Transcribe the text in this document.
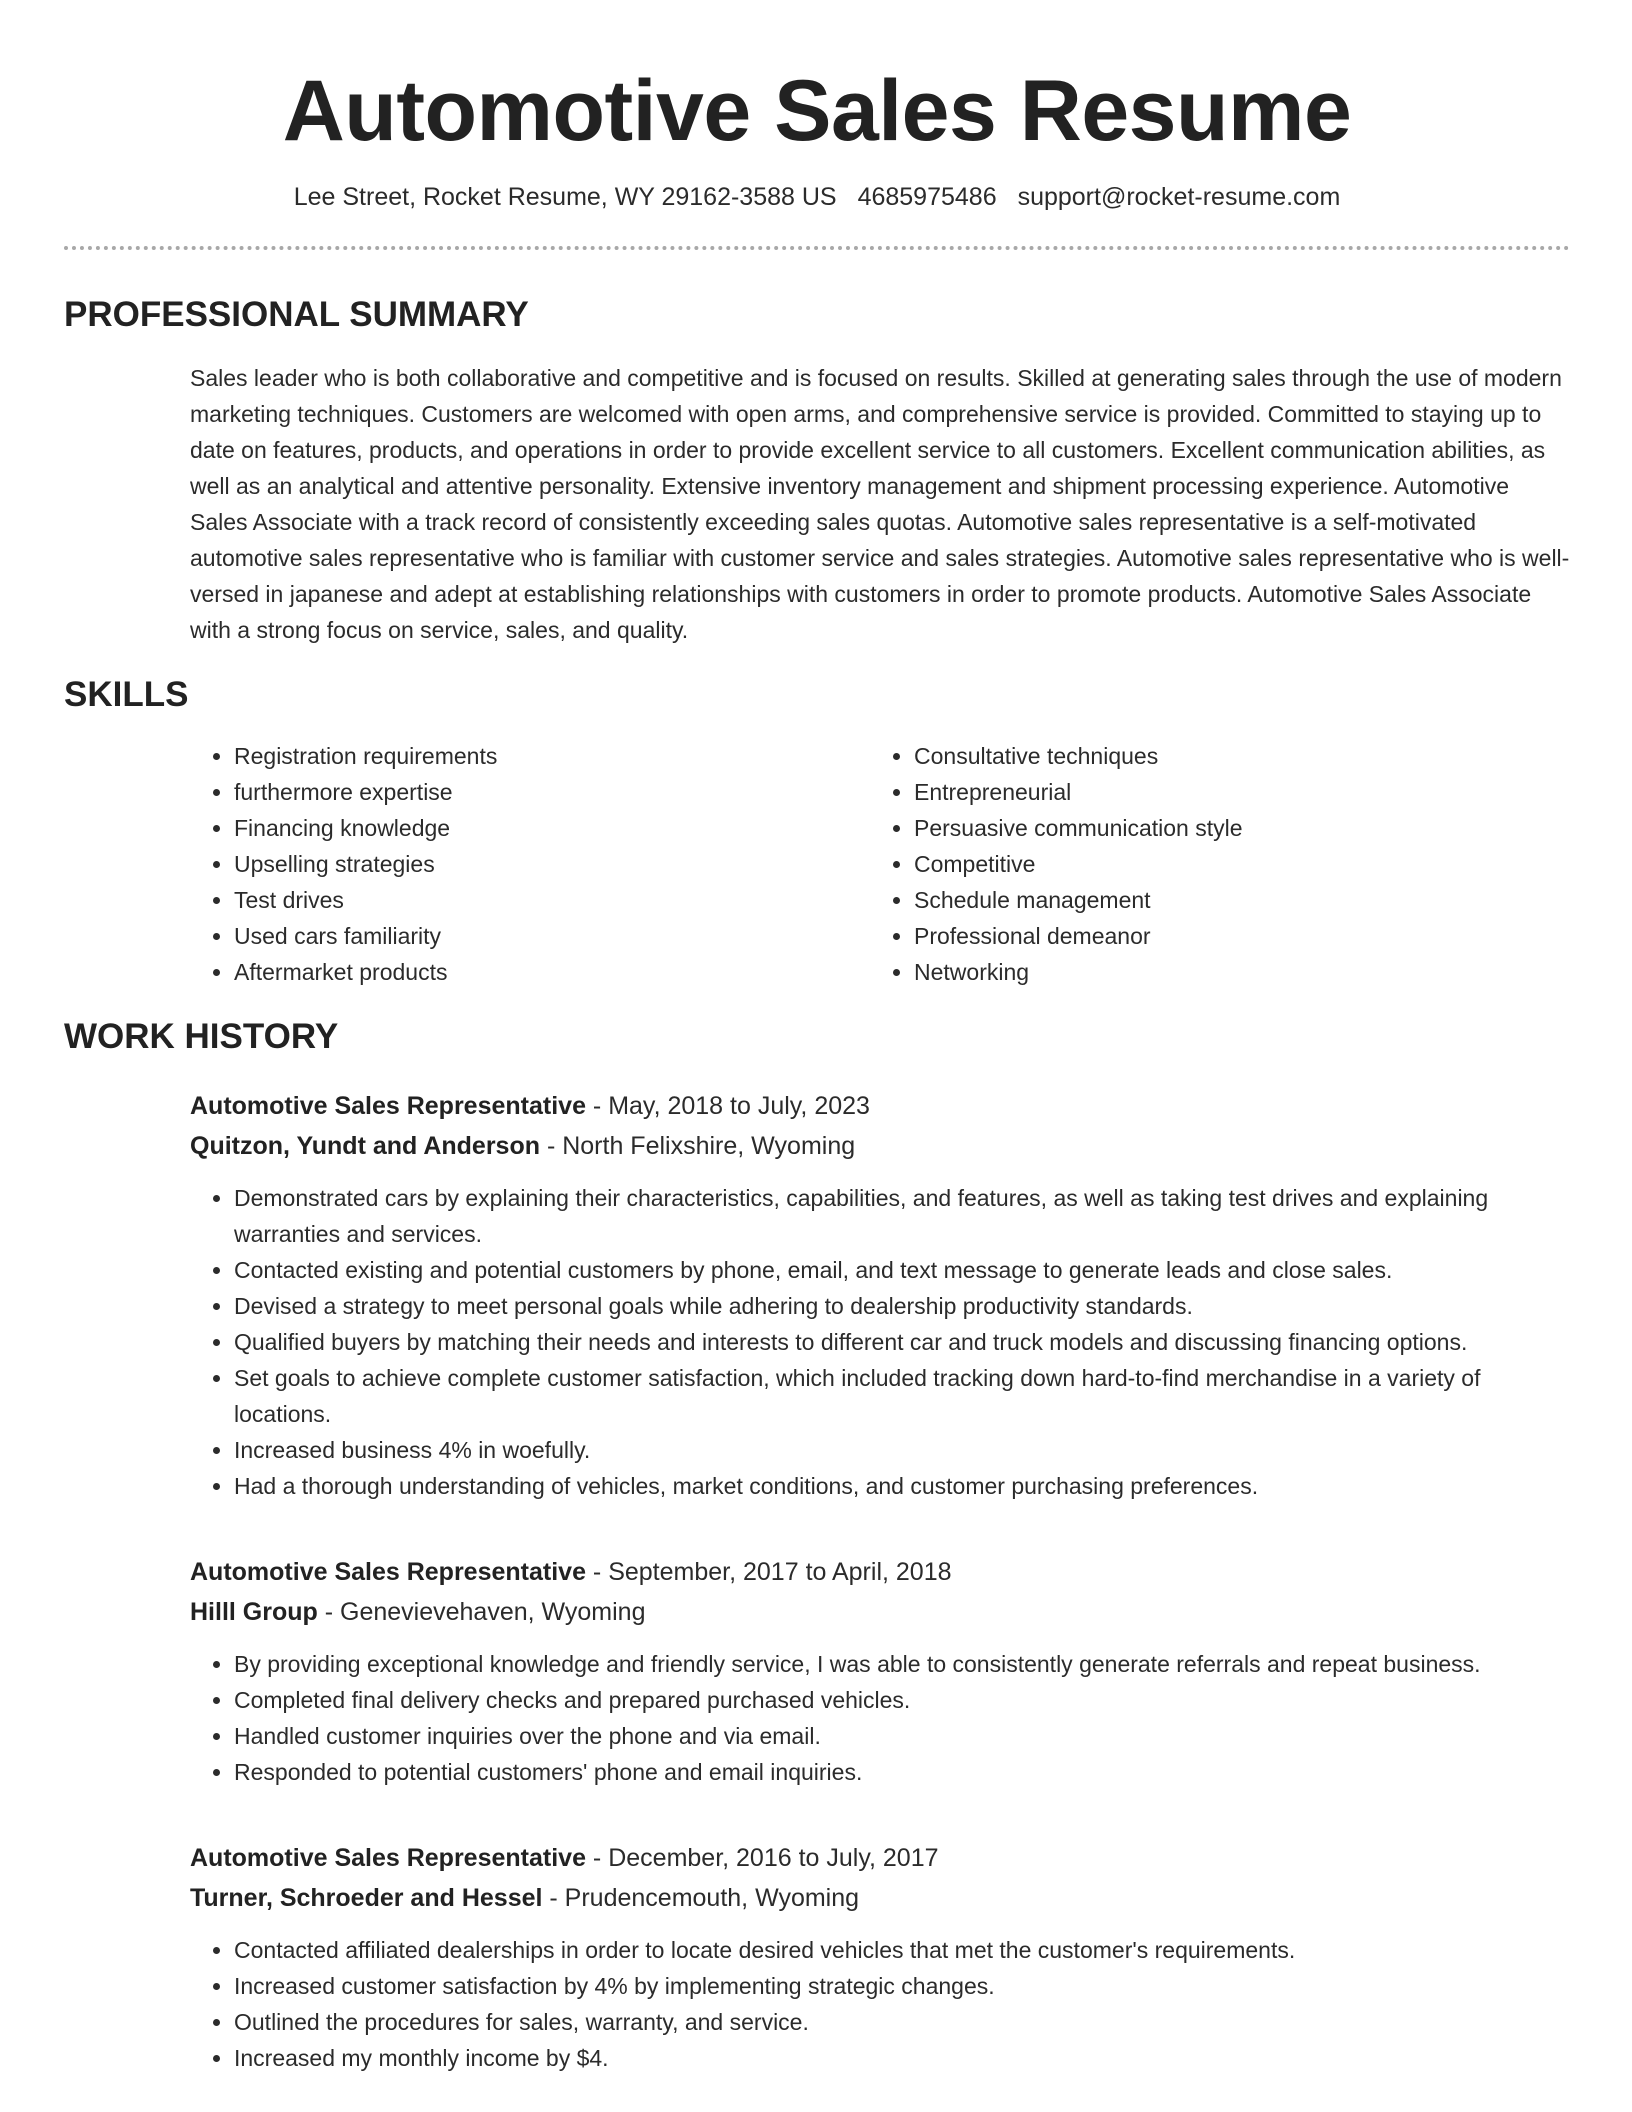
Automotive Sales Resume
Lee Street, Rocket Resume, WY 29162-3588 US 4685975486 support@rocket-resume.com
PROFESSIONAL SUMMARY

Sales leader who is both collaborative and competitive and is focused on results. Skilled at generating sales through the use of modern marketing techniques. Customers are welcomed with open arms, and comprehensive service is provided. Committed to staying up to date on features, products, and operations in order to provide excellent service to all customers. Excellent communication abilities, as well as an analytical and attentive personality. Extensive inventory management and shipment processing experience. Automotive Sales Associate with a track record of consistently exceeding sales quotas. Automotive sales representative is a self-motivated automotive sales representative who is familiar with customer service and sales strategies. Automotive sales representative who is well-versed in japanese and adept at establishing relationships with customers in order to promote products. Automotive Sales Associate with a strong focus on service, sales, and quality.

SKILLS
• Registration requirements
• furthermore expertise
• Financing knowledge
• Upselling strategies
• Test drives
• Used cars familiarity
• Aftermarket products
• Consultative techniques
• Entrepreneurial
• Persuasive communication style
• Competitive
• Schedule management
• Professional demeanor
• Networking
WORK HISTORY
Automotive Sales Representative - May, 2018 to July, 2023
Quitzon, Yundt and Anderson - North Felixshire, Wyoming
• Demonstrated cars by explaining their characteristics, capabilities, and features, as well as taking test drives and explaining warranties and services.
• Contacted existing and potential customers by phone, email, and text message to generate leads and close sales.
• Devised a strategy to meet personal goals while adhering to dealership productivity standards.
• Qualified buyers by matching their needs and interests to different car and truck models and discussing financing options.
• Set goals to achieve complete customer satisfaction, which included tracking down hard-to-find merchandise in a variety of locations.
• Increased business 4% in woefully.
• Had a thorough understanding of vehicles, market conditions, and customer purchasing preferences.
Automotive Sales Representative - September, 2017 to April, 2018
Hilll Group - Genevievehaven, Wyoming
• By providing exceptional knowledge and friendly service, I was able to consistently generate referrals and repeat business.
• Completed final delivery checks and prepared purchased vehicles.
• Handled customer inquiries over the phone and via email.
• Responded to potential customers' phone and email inquiries.
Automotive Sales Representative - December, 2016 to July, 2017
Turner, Schroeder and Hessel - Prudencemouth, Wyoming
• Contacted affiliated dealerships in order to locate desired vehicles that met the customer's requirements.
• Increased customer satisfaction by 4% by implementing strategic changes.
• Outlined the procedures for sales, warranty, and service.
• Increased my monthly income by $4.
